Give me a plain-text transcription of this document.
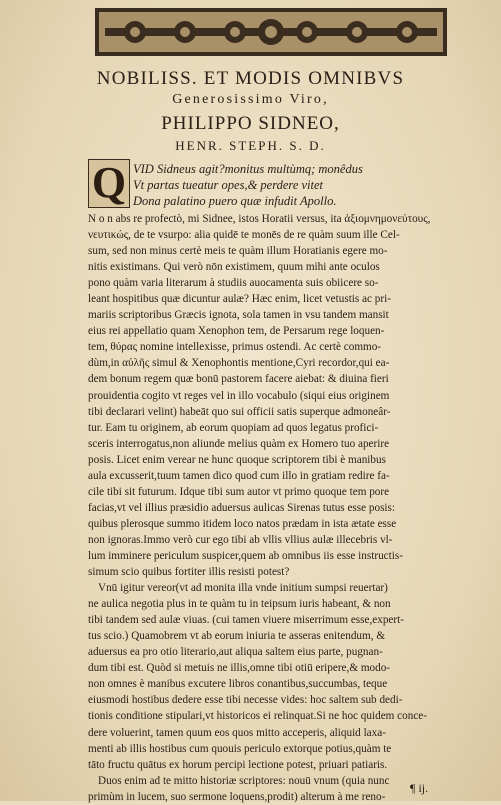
NOBILISS. ET MODIS OMNIBVS
Generosissimo Viro,
PHILIPPO SIDNEO,
HENR. STEPH. S. D.
Q VID Sidneus agit?monitus multùmq; monêdus
Vt partas tueatur opes,& perdere vitet
Dona palatino puero quæ infudit Apollo.
N o n abs re profectò, mi Sidnee, istos Horatii versus, ita ἀξιομνημονεύτους,
νευτικώς, de te vsurpo: alia quidē te monēs de re quàm suum ille Cel-
sum, sed non minus certè meis te quàm illum Horatianis egere mo-
nitis existimans. Qui verò nōn existimem, quum mihi ante oculos
pono quàm varia literarum à studiis auocamenta suis obiicere so-
leant hospitibus quæ dicuntur aulæ? Hæc enim, licet vetustis ac pri-
mariis scriptoribus Græcis ignota, sola tamen in vsu tandem mansit
eius rei appellatio quam Xenophon tem, de Persarum rege loquen-
tem, θύρας nomine intellexisse, primus ostendi. Ac certè commo-
dùm,in αὐλῆς simul & Xenophontis mentione,Cyri recordor,qui ea-
dem bonum regem quæ bonū pastorem facere aiebat: & diuina fieri
prouidentia cogito vt reges vel in illo vocabulo (siqui eius originem
tibi declarari velint) habeāt quo sui officii satis superque admoneâr-
tur. Eam tu originem, ab eorum quopiam ad quos legatus profici-
sceris interrogatus,non aliunde melius quàm ex Homero tuo aperire
posis. Licet enim verear ne hunc quoque scriptorem tibi è manibus
aula excusserit,tuum tamen dico quod cum illo in gratiam redire fa-
cile tibi sit futurum. Idque tibi sum autor vt primo quoque tem pore
facias,vt vel illius præsidio aduersus aulicas Sirenas tutus esse posis:
quibus plerosque summo itidem loco natos prædam in ista ætate esse
non ignoras.Immo verò cur ego tibi ab vllis vllius aulæ illecebris vl-
lum imminere periculum suspicer,quem ab omnibus iis esse instructis-
simum scio quibus fortiter illis resisti potest?
Vnū igitur vereor(vt ad monita illa vnde initium sumpsi reuertar)
ne aulica negotia plus in te quàm tu in teipsum iuris habeant, & non
tibi tandem sed aulæ viuas. (cui tamen viuere miserrimum esse,expert-
tus scio.) Quamobrem vt ab eorum iniuria te asseras enitendum, &
aduersus ea pro otio literario,aut aliqua saltem eius parte, pugnan-
dum tibi est. Quòd si metuis ne illis,omne tibi otiū eripere,& modo-
non omnes è manibus excutere libros conantibus,succumbas, teque
eiusmodi hostibus dedere esse tibi necesse vides: hoc saltem sub dedi-
tionis conditione stipulari,vt historicos ei relinquat.Si ne hoc quidem conce-
dere voluerint, tamen quum eos quos mitto acceperis, aliquid laxa-
menti ab illis hostibus cum quouis periculo extorque potius,quàm te
tāto fructu quātus ex horum percipi lectione potest, priuari patiaris.
Duos enim ad te mitto historiæ scriptores: nouū vnum (quia nunc
primùm in lucem, suo sermone loquens,prodit) alterum à me reno-
¶ ij.
